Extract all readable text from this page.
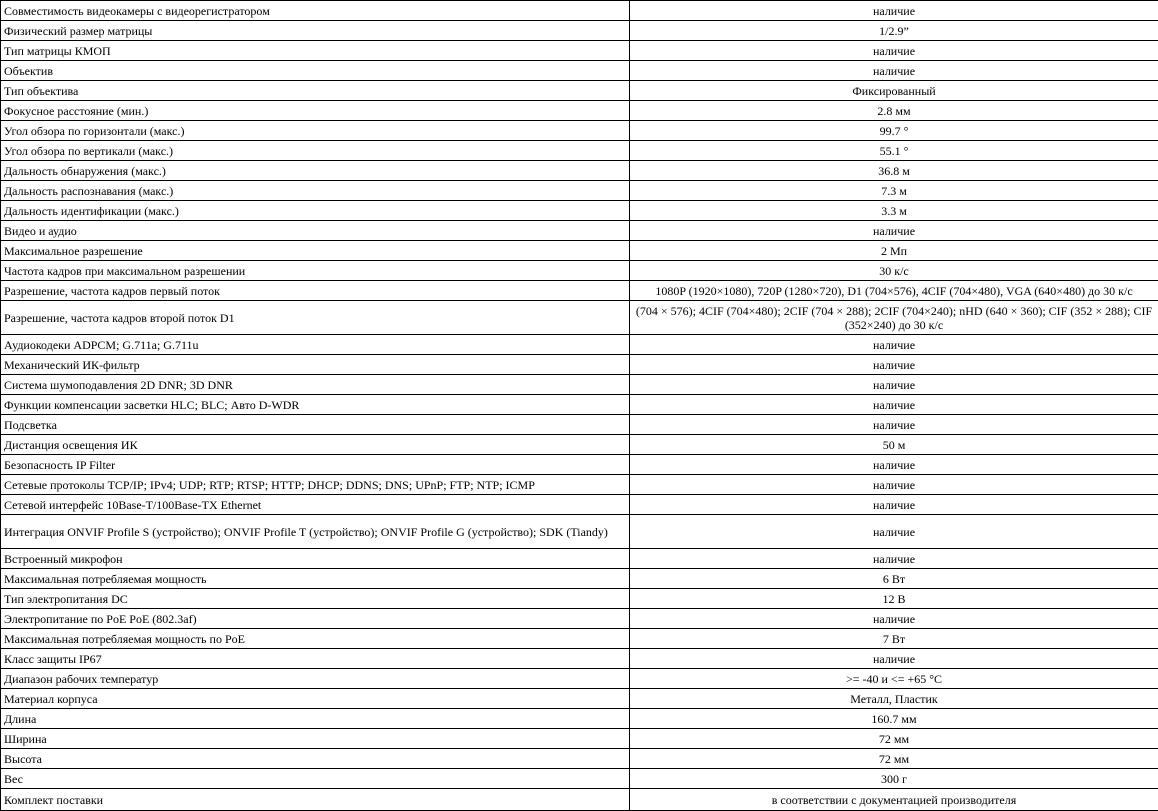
Совместимость видеокамеры с видеорегистратором	наличие
Физический размер матрицы	1/2.9”
Тип матрицы КМОП	наличие
Объектив	наличие
Тип объектива	Фиксированный
Фокусное расстояние (мин.)	2.8 мм
Угол обзора по горизонтали (макс.)	99.7 °
Угол обзора по вертикали (макс.)	55.1 °
Дальность обнаружения (макс.)	36.8 м
Дальность распознавания (макс.)	7.3 м
Дальность идентификации (макс.)	3.3 м
Видео и аудио	наличие
Максимальное разрешение	2 Мп
Частота кадров при максимальном разрешении	30 к/с
Разрешение, частота кадров первый поток	1080P (1920×1080), 720P (1280×720), D1 (704×576), 4CIF (704×480), VGA (640×480) до 30 к/с
Разрешение, частота кадров второй поток D1	(704 × 576); 4CIF (704×480); 2CIF (704 × 288); 2CIF (704×240); nHD (640 × 360); CIF (352 × 288); CIF (352×240) до 30 к/с
Аудиокодеки ADPCM; G.711a; G.711u	наличие
Механический ИК-фильтр	наличие
Система шумоподавления 2D DNR; 3D DNR	наличие
Функции компенсации засветки HLC; BLC; Авто D-WDR	наличие
Подсветка	наличие
Дистанция освещения ИК	50 м
Безопасность IP Filter	наличие
Сетевые протоколы TCP/IP; IPv4; UDP; RTP; RTSP; HTTP; DHCP; DDNS; DNS; UPnP; FTP; NTP; ICMP	наличие
Сетевой интерфейс 10Base-T/100Base-TX Ethernet	наличие
Интеграция ONVIF Profile S (устройство); ONVIF Profile T (устройство); ONVIF Profile G (устройство); SDK (Tiandy)	наличие
Встроенный микрофон	наличие
Максимальная потребляемая мощность	6 Вт
Тип электропитания DC	12 В
Электропитание по PoE PoE (802.3af)	наличие
Максимальная потребляемая мощность по PoE	7 Вт
Класс защиты IP67	наличие
Диапазон рабочих температур	>= -40 и <= +65 °C
Материал корпуса	Металл, Пластик
Длина	160.7 мм
Ширина	72 мм
Высота	72 мм
Вес	300 г
Комплект поставки	в соответствии с документацией производителя
